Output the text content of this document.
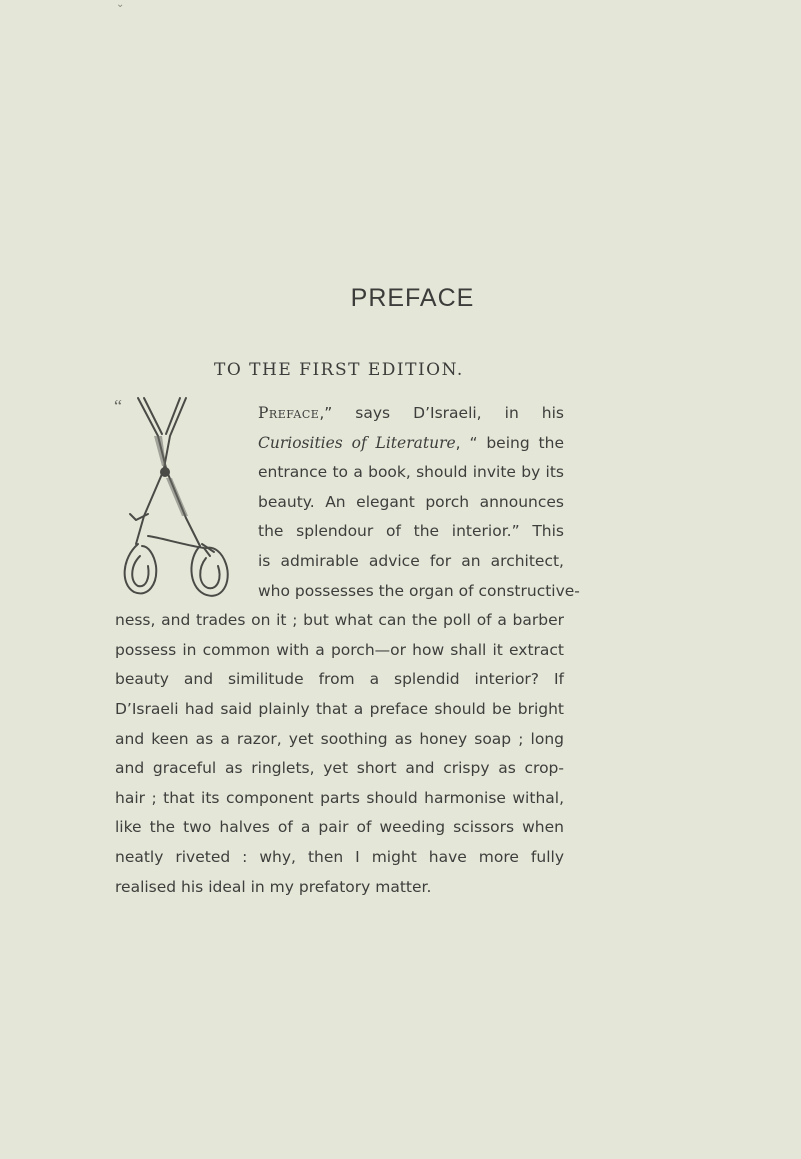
⌄
PREFACE
TO THE FIRST EDITION.
“	Preface,” says D’Israeli, in his

Curiosities of Literature, “ being the

entrance to a book, should invite by its

beauty. An elegant porch announces

the splendour of the interior.” This

is admirable advice for an architect,

who possesses the organ of constructive-

ness, and trades on it ; but what can the poll of a barber

possess in common with a porch—or how shall it extract

beauty and similitude from a splendid interior? If

D’Israeli had said plainly that a preface should be bright

and keen as a razor, yet soothing as honey soap ; long

and graceful as ringlets, yet short and crispy as crop-

hair ; that its component parts should harmonise withal,

like the two halves of a pair of weeding scissors when

neatly riveted : why, then I might have more fully

realised his ideal in my prefatory matter.
